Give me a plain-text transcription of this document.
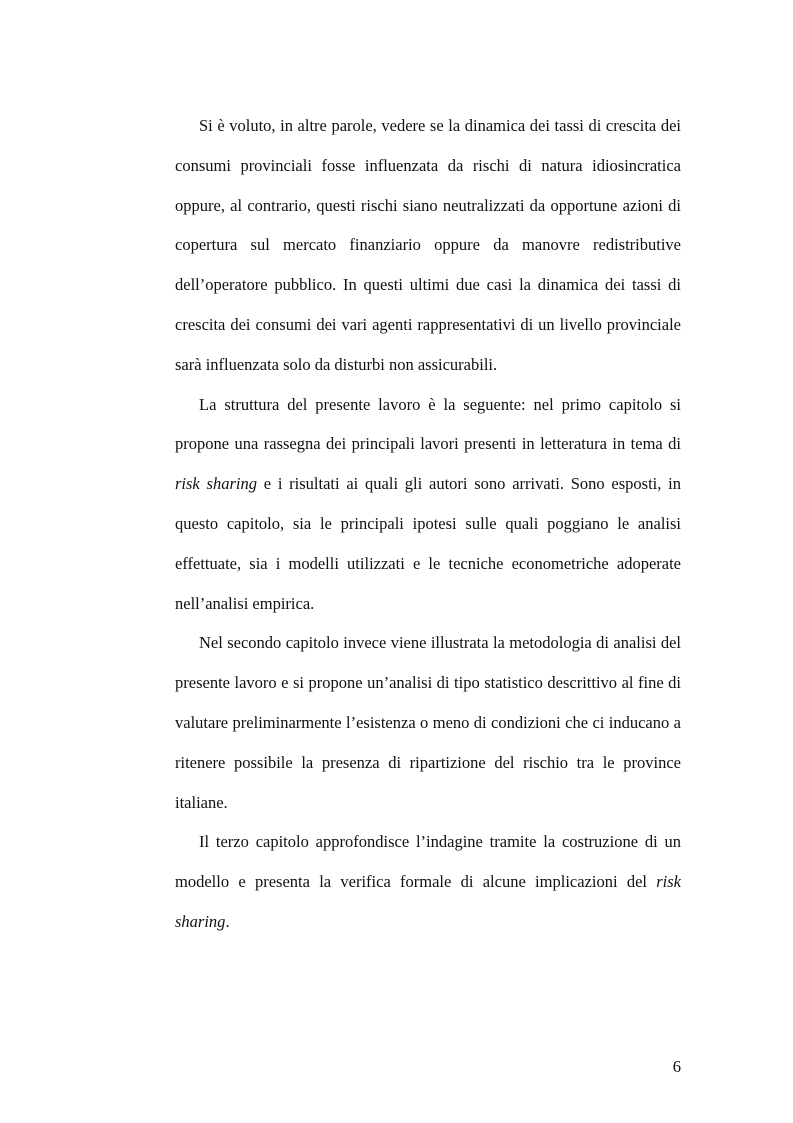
Si è voluto, in altre parole, vedere se la dinamica dei tassi di crescita dei consumi provinciali fosse influenzata da rischi di natura idiosincratica oppure, al contrario, questi rischi siano neutralizzati da opportune azioni di copertura sul mercato finanziario oppure da manovre redistributive dell’operatore pubblico. In questi ultimi due casi la dinamica dei tassi di crescita dei consumi dei vari agenti rappresentativi di un livello provinciale sarà influenzata solo da disturbi non assicurabili.

La struttura del presente lavoro è la seguente: nel primo capitolo si propone una rassegna dei principali lavori presenti in letteratura in tema di risk sharing e i risultati ai quali gli autori sono arrivati. Sono esposti, in questo capitolo, sia le principali ipotesi sulle quali poggiano le analisi effettuate, sia i modelli utilizzati e le tecniche econometriche adoperate nell’analisi empirica.

Nel secondo capitolo invece viene illustrata la metodologia di analisi del presente lavoro e si propone un’analisi di tipo statistico descrittivo al fine di valutare preliminarmente l’esistenza o meno di condizioni che ci inducano a ritenere possibile la presenza di ripartizione del rischio tra le province italiane.

Il terzo capitolo approfondisce l’indagine tramite la costruzione di un modello e presenta la verifica formale di alcune implicazioni del risk sharing.

6
